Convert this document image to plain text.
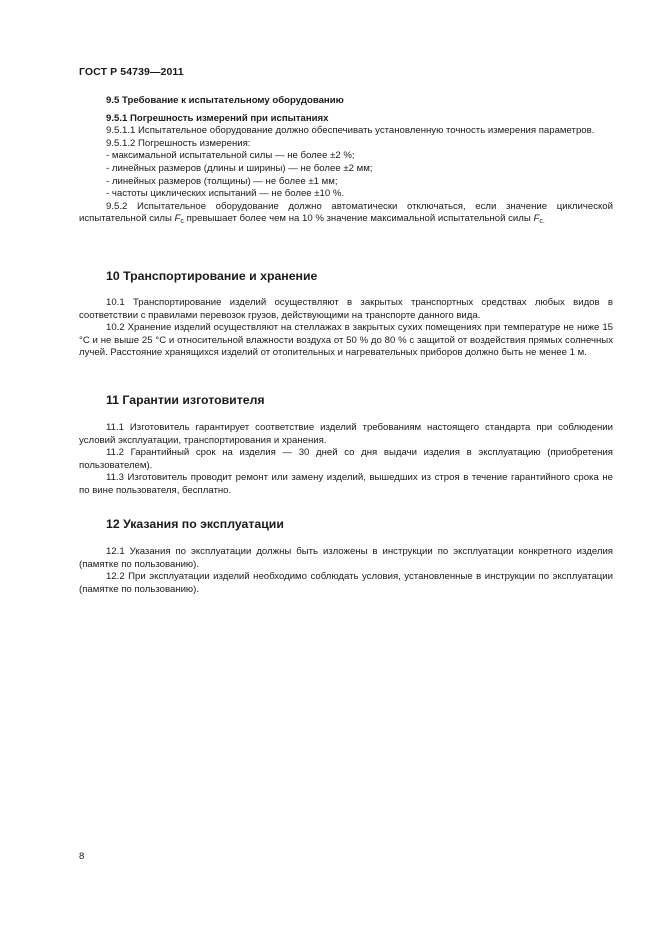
ГОСТ Р 54739—2011

9.5 Требование к испытательному оборудованию

9.5.1 Погрешность измерений при испытаниях

9.5.1.1 Испытательное оборудование должно обеспечивать установленную точность измерения параметров.

9.5.1.2 Погрешность измерения:

- максимальной испытательной силы — не более ±2 %;

- линейных размеров (длины и ширины) — не более ±2 мм;

- линейных размеров (толщины) — не более ±1 мм;

- частоты циклических испытаний — не более ±10 %.

9.5.2 Испытательное оборудование должно автоматически отключаться, если значение циклической испытательной силы $F_c$ превышает более чем на 10 % значение максимальной испытательной силы $F_{c.}$

10 Транспортирование и хранение

10.1 Транспортирование изделий осуществляют в закрытых транспортных средствах любых видов в соответствии с правилами перевозок грузов, действующими на транспорте данного вида.

10.2 Хранение изделий осуществляют на стеллажах в закрытых сухих помещениях при температуре не ниже 15 °С и не выше 25 °С и относительной влажности воздуха от 50 % до 80 % с защитой от воздействия прямых солнечных лучей. Расстояние хранящихся изделий от отопительных и нагревательных приборов должно быть не менее 1 м.

11 Гарантии изготовителя

11.1 Изготовитель гарантирует соответствие изделий требованиям настоящего стандарта при соблюдении условий эксплуатации, транспортирования и хранения.

11.2 Гарантийный срок на изделия — 30 дней со дня выдачи изделия в эксплуатацию (приобретения пользователем).

11.3 Изготовитель проводит ремонт или замену изделий, вышедших из строя в течение гарантийного срока не по вине пользователя, бесплатно.

12 Указания по эксплуатации

12.1 Указания по эксплуатации должны быть изложены в инструкции по эксплуатации конкретного изделия (памятке по пользованию).

12.2 При эксплуатации изделий необходимо соблюдать условия, установленные в инструкции по эксплуатации (памятке по пользованию).

8
